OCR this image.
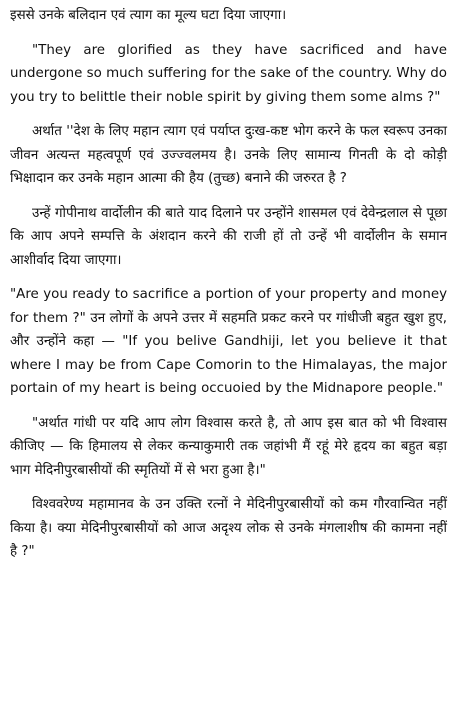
इससे उनके बलिदान एवं त्याग का मूल्य घटा दिया जाएगा।

"They are glorified as they have sacrificed and have undergone so much suffering for the sake of the country. Why do you try to belittle their noble spirit by giving them some alms ?"

अर्थात ''देश के लिए महान त्याग एवं पर्याप्त दुःख-कष्ट भोग करने के फल स्वरूप उनका जीवन अत्यन्त महत्वपूर्ण एवं उज्ज्वलमय है। उनके लिए सामान्य गिनती के दो कोड़ी भिक्षादान कर उनके महान आत्मा की हैय (तुच्छ) बनाने की जरुरत है ?

उन्हें गोपीनाथ वार्दोलीन की बाते याद दिलाने पर उन्होंने शासमल एवं देवेन्द्रलाल से पूछा कि आप अपने सम्पत्ति के अंशदान करने की राजी हों तो उन्हें भी वार्दोलीन के समान आशीर्वाद दिया जाएगा।

"Are you ready to sacrifice a portion of your property and money for them ?" उन लोगों के अपने उत्तर में सहमति प्रकट करने पर गांधीजी बहुत खुश हुए, और उन्होंने कहा — "If you belive Gandhiji, let you believe it that where I may be from Cape Comorin to the Himalayas, the major portain of my heart is being occuoied by the Midnapore people."

"अर्थात गांधी पर यदि आप लोग विश्वास करते है, तो आप इस बात को भी विश्वास कीजिए — कि हिमालय से लेकर कन्याकुमारी तक जहांभी मैं रहूं मेरे हृदय का बहुत बड़ा भाग मेदिनीपुरबासीयों की स्मृतियों में से भरा हुआ है।"

विश्ववरेण्य महामानव के उन उक्ति रत्नों ने मेदिनीपुरबासीयों को कम गौरवान्वित नहीं किया है। क्या मेदिनीपुरबासीयों को आज अदृश्य लोक से उनके मंगलाशीष की कामना नहीं है ?"
